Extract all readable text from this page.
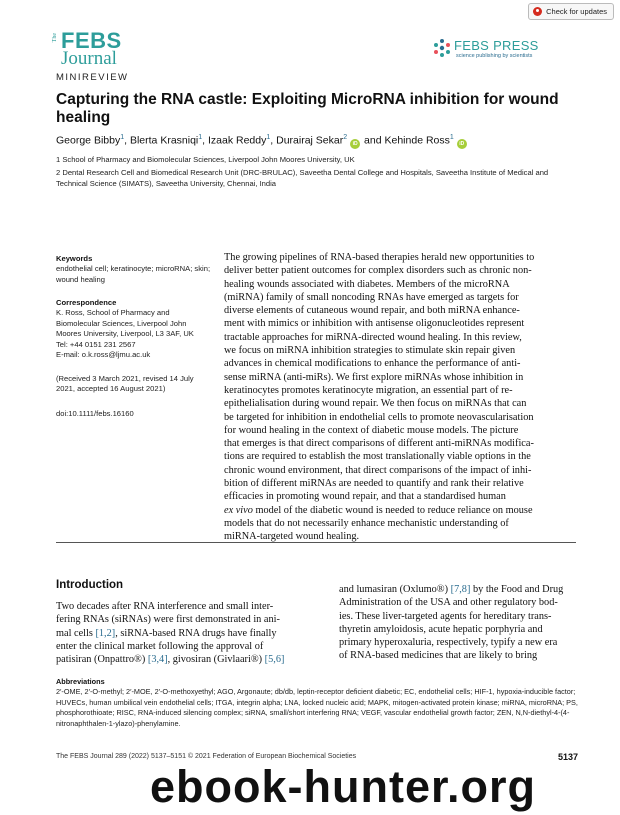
Check for updates
The FEBS
Journal
MINIREVIEW
FEBS PRESS
science publishing by scientists
Capturing the RNA castle: Exploiting MicroRNA inhibition for wound healing
George Bibby$^1$, Blerta Krasniqi$^1$, Izaak Reddy$^1$, Durairaj Sekar$^2$iD and Kehinde Ross$^1$iD
1 School of Pharmacy and Biomolecular Sciences, Liverpool John Moores University, UK
2 Dental Research Cell and Biomedical Research Unit (DRC-BRULAC), Saveetha Dental College and Hospitals, Saveetha Institute of Medical and Technical Science (SIMATS), Saveetha University, Chennai, India
Keywords
endothelial cell; keratinocyte; microRNA; skin; wound healing
Correspondence
K. Ross, School of Pharmacy and
Biomolecular Sciences, Liverpool John
Moores University, Liverpool, L3 3AF, UK
Tel: +44 0151 231 2567
E-mail: o.k.ross@ljmu.ac.uk
(Received 3 March 2021, revised 14 July
2021, accepted 16 August 2021)
doi:10.1111/febs.16160
The growing pipelines of RNA-based therapies herald new opportunities to
deliver better patient outcomes for complex disorders such as chronic non-
healing wounds associated with diabetes. Members of the microRNA
(miRNA) family of small noncoding RNAs have emerged as targets for
diverse elements of cutaneous wound repair, and both miRNA enhance-
ment with mimics or inhibition with antisense oligonucleotides represent
tractable approaches for miRNA-directed wound healing. In this review,
we focus on miRNA inhibition strategies to stimulate skin repair given
advances in chemical modifications to enhance the performance of anti-
sense miRNA (anti-miRs). We first explore miRNAs whose inhibition in
keratinocytes promotes keratinocyte migration, an essential part of re-
epithelialisation during wound repair. We then focus on miRNAs that can
be targeted for inhibition in endothelial cells to promote neovascularisation
for wound healing in the context of diabetic mouse models. The picture
that emerges is that direct comparisons of different anti-miRNAs modifica-
tions are required to establish the most translationally viable options in the
chronic wound environment, that direct comparisons of the impact of inhi-
bition of different miRNAs are needed to quantify and rank their relative
efficacies in promoting wound repair, and that a standardised human
ex vivo model of the diabetic wound is needed to reduce reliance on mouse
models that do not necessarily enhance mechanistic understanding of
miRNA-targeted wound healing.
Introduction
Two decades after RNA interference and small inter-
fering RNAs (siRNAs) were first demonstrated in ani-
mal cells [1,2], siRNA-based RNA drugs have finally
enter the clinical market following the approval of
patisiran (Onpattro®) [3,4], givosiran (Givlaari®) [5,6]
and lumasiran (Oxlumo®) [7,8] by the Food and Drug
Administration of the USA and other regulatory bod-
ies. These liver-targeted agents for hereditary trans-
thyretin amyloidosis, acute hepatic porphyria and
primary hyperoxaluria, respectively, typify a new era
of RNA-based medicines that are likely to bring
Abbreviations
2′-OME, 2′-O-methyl; 2′-MOE, 2′-O-methoxyethyl; AGO, Argonaute; db/db, leptin-receptor deficient diabetic; EC, endothelial cells; HIF-1, hypoxia-inducible factor; HUVECs, human umbilical vein endothelial cells; ITGA, integrin alpha; LNA, locked nucleic acid; MAPK, mitogen-activated protein kinase; miRNA, microRNA; PS, phosphorothioate; RISC, RNA-induced silencing complex; siRNA, small/short interfering RNA; VEGF, vascular endothelial growth factor; ZEN, N,N-diethyl-4-(4-nitronaphthalen-1-ylazo)-phenylamine.
The FEBS Journal 289 (2022) 5137–5151 © 2021 Federation of European Biochemical Societies	5137
ebook-hunter.org
